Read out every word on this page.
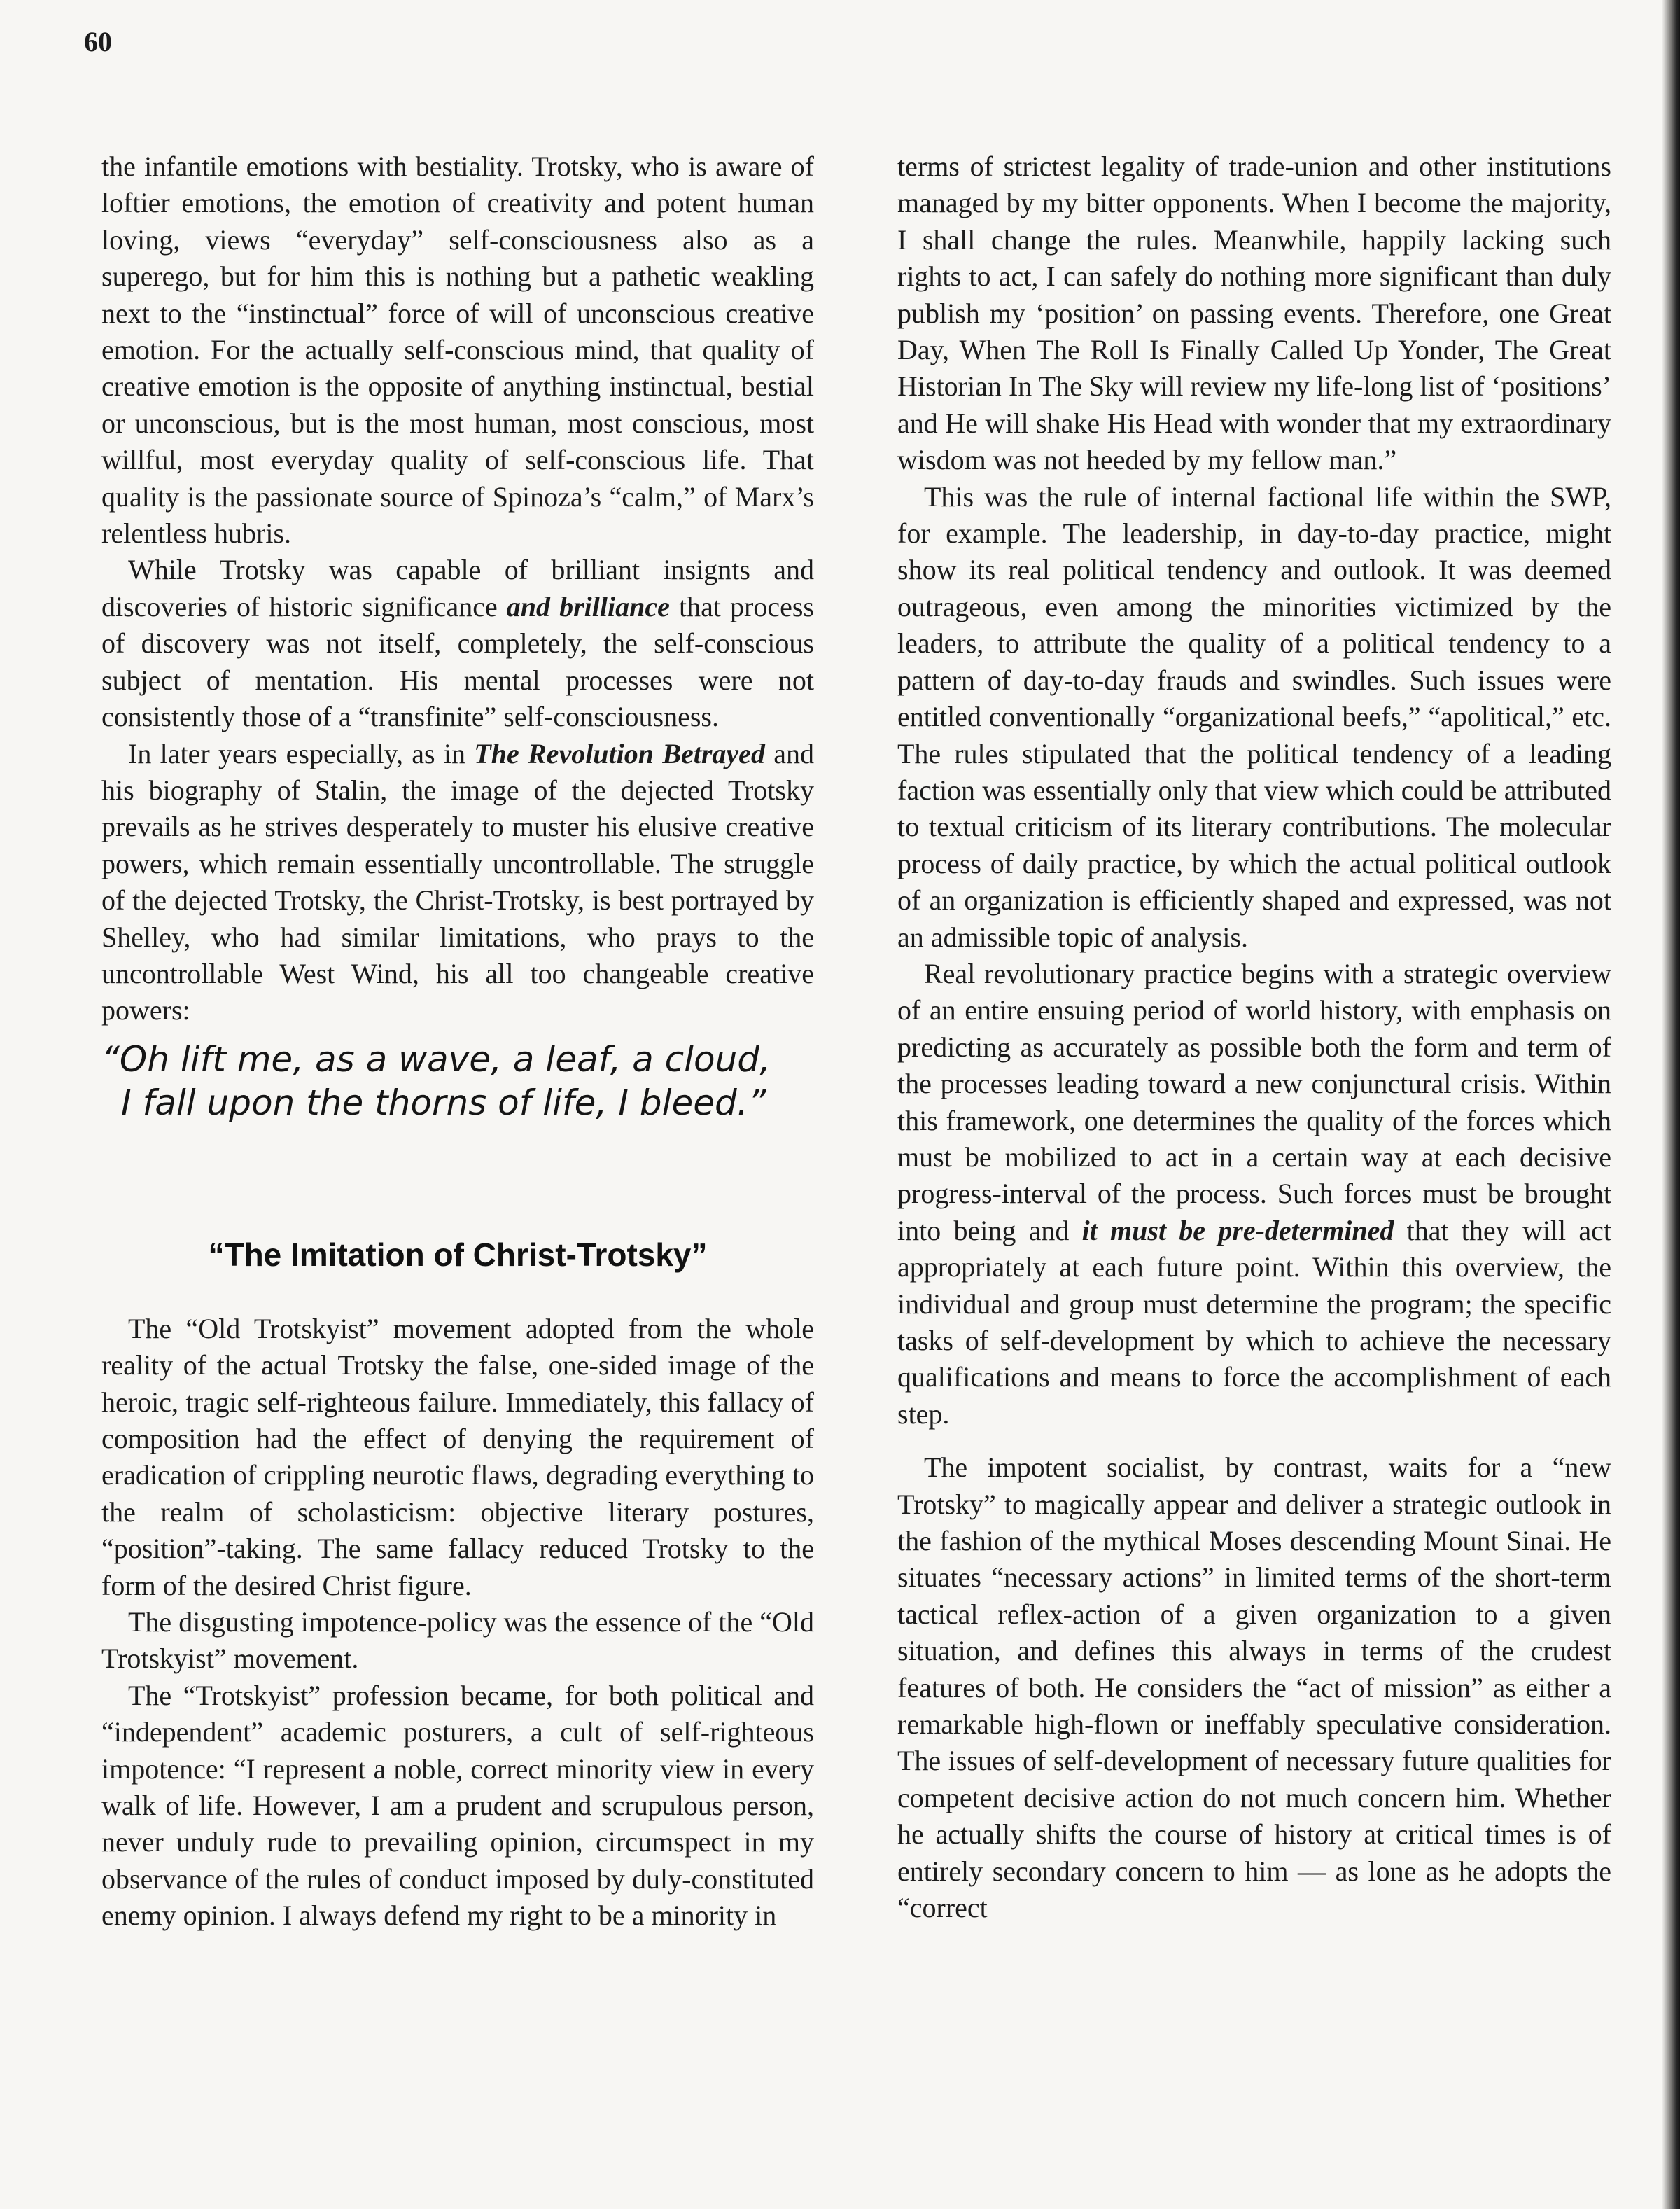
60

the infantile emotions with bestiality. Trotsky, who is aware of loftier emotions, the emotion of creativity and potent human loving, views “everyday” self-consciousness also as a superego, but for him this is nothing but a pathetic weakling next to the “instinctual” force of will of unconscious creative emotion. For the actually self-conscious mind, that quality of creative emotion is the opposite of anything instinctual, bestial or unconscious, but is the most human, most conscious, most willful, most everyday quality of self-conscious life. That quality is the passionate source of Spinoza’s “calm,” of Marx’s relentless hubris.

While Trotsky was capable of brilliant insignts and discoveries of historic significance and brilliance that process of discovery was not itself, completely, the self-conscious subject of mentation. His mental processes were not consistently those of a “transfinite” self-consciousness.

In later years especially, as in The Revolution Betrayed and his biography of Stalin, the image of the dejected Trotsky prevails as he strives desperately to muster his elusive creative powers, which remain essentially uncontrollable. The struggle of the dejected Trotsky, the Christ-Trotsky, is best portrayed by Shelley, who had similar limitations, who prays to the uncontrollable West Wind, his all too changeable creative powers:

“Oh lift me, as a wave, a leaf, a cloud,
I fall upon the thorns of life, I bleed.”
“The Imitation of Christ-Trotsky”

The “Old Trotskyist” movement adopted from the whole reality of the actual Trotsky the false, one-sided image of the heroic, tragic self-righteous failure. Immediately, this fallacy of composition had the effect of denying the requirement of eradication of crippling neurotic flaws, degrading everything to the realm of scholasticism: objective literary postures, “position”-taking. The same fallacy reduced Trotsky to the form of the desired Christ figure.

The disgusting impotence-policy was the essence of the “Old Trotskyist” movement.

The “Trotskyist” profession became, for both political and “independent” academic posturers, a cult of self-righteous impotence: “I represent a noble, correct minority view in every walk of life. However, I am a prudent and scrupulous person, never unduly rude to prevailing opinion, circumspect in my observance of the rules of conduct imposed by duly-constituted enemy opinion. I always defend my right to be a minority in

terms of strictest legality of trade-union and other institutions managed by my bitter opponents. When I become the majority, I shall change the rules. Meanwhile, happily lacking such rights to act, I can safely do nothing more significant than duly publish my ‘position’ on passing events. Therefore, one Great Day, When The Roll Is Finally Called Up Yonder, The Great Historian In The Sky will review my life-long list of ‘positions’ and He will shake His Head with wonder that my extraordinary wisdom was not heeded by my fellow man.”

This was the rule of internal factional life within the SWP, for example. The leadership, in day-to-day practice, might show its real political tendency and outlook. It was deemed outrageous, even among the minorities victimized by the leaders, to attribute the quality of a political tendency to a pattern of day-to-day frauds and swindles. Such issues were entitled conventionally “organizational beefs,” “apolitical,” etc. The rules stipulated that the political tendency of a leading faction was essentially only that view which could be attributed to textual criticism of its literary contributions. The molecular process of daily practice, by which the actual political outlook of an organization is efficiently shaped and expressed, was not an admissible topic of analysis.

Real revolutionary practice begins with a strategic overview of an entire ensuing period of world history, with emphasis on predicting as accurately as possible both the form and term of the processes leading toward a new conjunctural crisis. Within this framework, one determines the quality of the forces which must be mobilized to act in a certain way at each decisive progress-interval of the process. Such forces must be brought into being and it must be pre-determined that they will act appropriately at each future point. Within this overview, the individual and group must determine the program; the specific tasks of self-development by which to achieve the necessary qualifications and means to force the accomplishment of each step.

The impotent socialist, by contrast, waits for a “new Trotsky” to magically appear and deliver a strategic outlook in the fashion of the mythical Moses descending Mount Sinai. He situates “necessary actions” in limited terms of the short-term tactical reflex-action of a given organization to a given situation, and defines this always in terms of the crudest features of both. He considers the “act of mission” as either a remarkable high-flown or ineffably speculative consideration. The issues of self-development of necessary future qualities for competent decisive action do not much concern him. Whether he actually shifts the course of history at critical times is of entirely secondary concern to him — as lone as he adopts the “correct
